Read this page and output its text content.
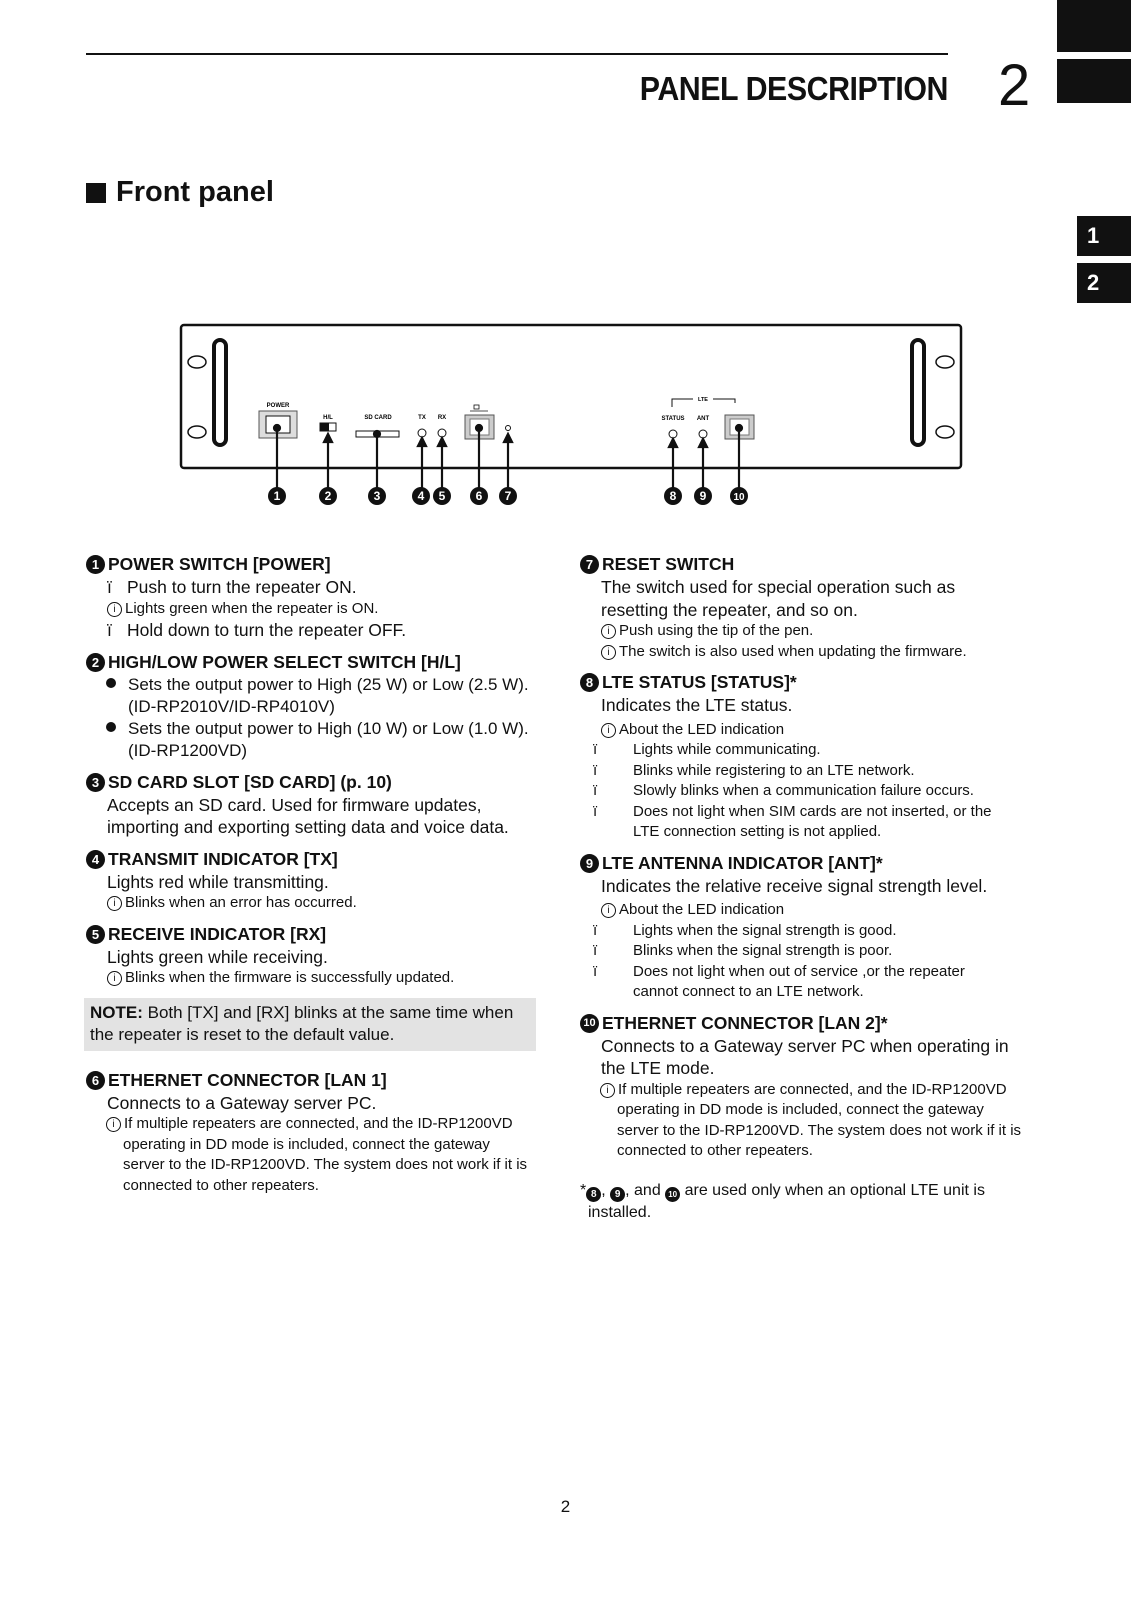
PANEL DESCRIPTION 2
1
2
Front panel
POWER
H/L	SD CARD	TX RX
LTE
STATUS ANT
1	2	3	4 5	6 7	8 9	10
1 POWER SWITCH [POWER]
ï Push to turn the repeater ON.
i Lights green when the repeater is ON.
ï Hold down to turn the repeater OFF.
2 HIGH/LOW POWER SELECT SWITCH [H/L]
Sets the output power to High (25 W) or Low (2.5 W).
(ID-RP2010V/ID-RP4010V)
Sets the output power to High (10 W) or Low (1.0 W).
(ID-RP1200VD)
3 SD CARD SLOT [SD CARD] (p. 10)
Accepts an SD card. Used for firmware updates,
importing and exporting setting data and voice data.
4 TRANSMIT INDICATOR [TX]
Lights red while transmitting.
i Blinks when an error has occurred.
5 RECEIVE INDICATOR [RX]
Lights green while receiving.
i Blinks when the firmware is successfully updated.
NOTE: Both [TX] and [RX] blinks at the same time when the repeater is reset to the default value.
6 ETHERNET CONNECTOR [LAN 1]
Connects to a Gateway server PC.
i If multiple repeaters are connected, and the ID-RP1200VD operating in DD mode is included, connect the gateway server to the ID-RP1200VD. The system does not work if it is connected to other repeaters.
7 RESET SWITCH
The switch used for special operation such as resetting the repeater, and so on.
i Push using the tip of the pen.
i The switch is also used when updating the firmware.
8 LTE STATUS [STATUS]*
Indicates the LTE status.
i About the LED indication
ï Lights while communicating.
ï Blinks while registering to an LTE network.
ï Slowly blinks when a communication failure occurs.
ï Does not light when SIM cards are not inserted, or the LTE connection setting is not applied.
9 LTE ANTENNA INDICATOR [ANT]*
Indicates the relative receive signal strength level.
i About the LED indication
ï Lights when the signal strength is good.
ï Blinks when the signal strength is poor.
ï Does not light when out of service ,or the repeater cannot connect to an LTE network.
10 ETHERNET CONNECTOR [LAN 2]*
Connects to a Gateway server PC when operating in the LTE mode.
i If multiple repeaters are connected, and the ID-RP1200VD operating in DD mode is included, connect the gateway server to the ID-RP1200VD. The system does not work if it is connected to other repeaters.
* 8 , 9 , and 10 are used only when an optional LTE unit is installed.
2
